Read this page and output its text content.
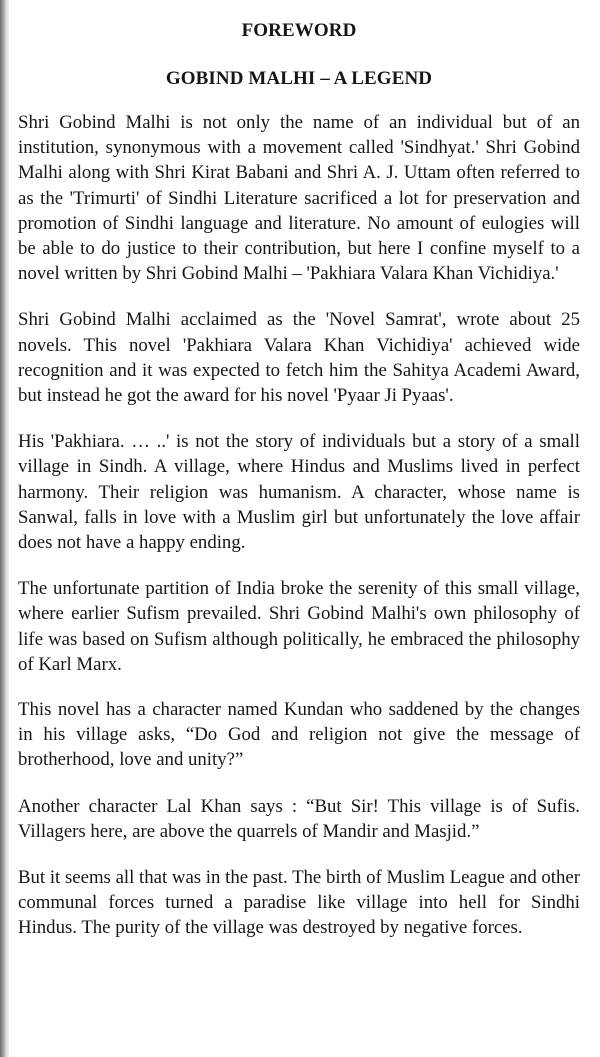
FOREWORD
GOBIND MALHI – A LEGEND

Shri Gobind Malhi is not only the name of an individual but of an institution, synonymous with a movement called 'Sindhyat.' Shri Gobind Malhi along with Shri Kirat Babani and Shri A. J. Uttam often referred to as the 'Trimurti' of Sindhi Literature sacrificed a lot for preservation and promotion of Sindhi language and literature. No amount of eulogies will be able to do justice to their contribution, but here I confine myself to a novel written by Shri Gobind Malhi – 'Pakhiara Valara Khan Vichidiya.'

Shri Gobind Malhi acclaimed as the 'Novel Samrat', wrote about 25 novels. This novel 'Pakhiara Valara Khan Vichidiya' achieved wide recognition and it was expected to fetch him the Sahitya Academi Award, but instead he got the award for his novel 'Pyaar Ji Pyaas'.

His 'Pakhiara. … ..' is not the story of individuals but a story of a small village in Sindh. A village, where Hindus and Muslims lived in perfect harmony. Their religion was humanism. A character, whose name is Sanwal, falls in love with a Muslim girl but unfortunately the love affair does not have a happy ending.

The unfortunate partition of India broke the serenity of this small village, where earlier Sufism prevailed. Shri Gobind Malhi's own philosophy of life was based on Sufism although politically, he embraced the philosophy of Karl Marx.

This novel has a character named Kundan who saddened by the changes in his village asks, “Do God and religion not give the message of brotherhood, love and unity?”

Another character Lal Khan says : “But Sir! This village is of Sufis. Villagers here, are above the quarrels of Mandir and Masjid.”

But it seems all that was in the past. The birth of Muslim League and other communal forces turned a paradise like village into hell for Sindhi Hindus. The purity of the village was destroyed by negative forces.
